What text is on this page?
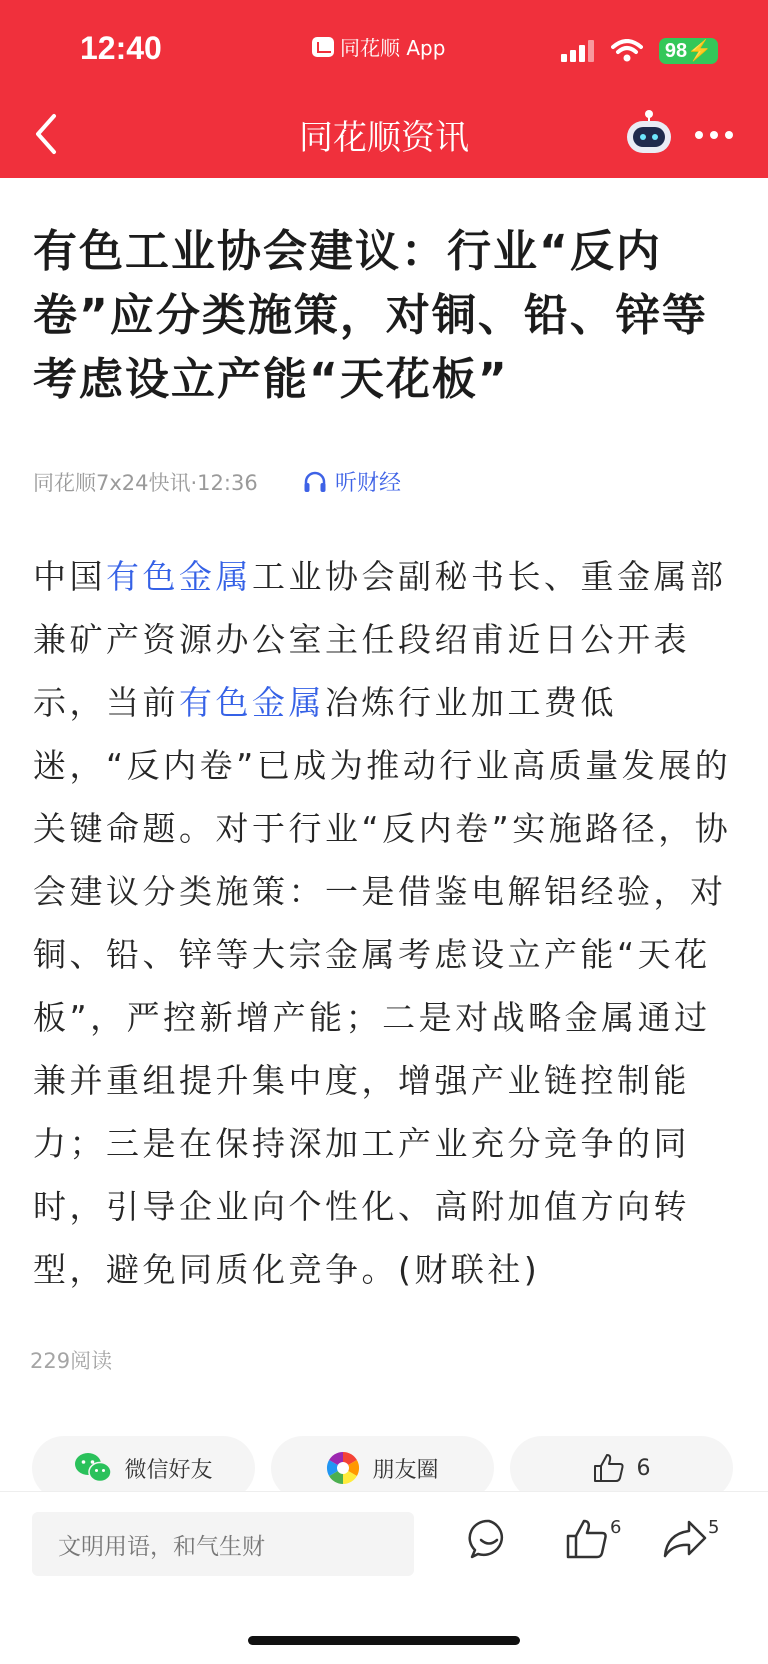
12:40	同花顺 App	98⚡
同花顺资讯
有色工业协会建议：行业“反内卷”应分类施策，对铜、铅、锌等考虑设立产能“天花板”
同花顺7x24快讯·12:36	听财经
中国有色金属工业协会副秘书长、重金属部兼矿产资源办公室主任段绍甫近日公开表示，当前有色金属冶炼行业加工费低迷，“反内卷”已成为推动行业高质量发展的关键命题。对于行业“反内卷”实施路径，协会建议分类施策：一是借鉴电解铝经验，对铜、铅、锌等大宗金属考虑设立产能“天花板”，严控新增产能；二是对战略金属通过兼并重组提升集中度，增强产业链控制能力；三是在保持深加工产业充分竞争的同时，引导企业向个性化、高附加值方向转型，避免同质化竞争。(财联社)
229阅读
微信好友	朋友圈	6
文明用语，和气生财
6	5
